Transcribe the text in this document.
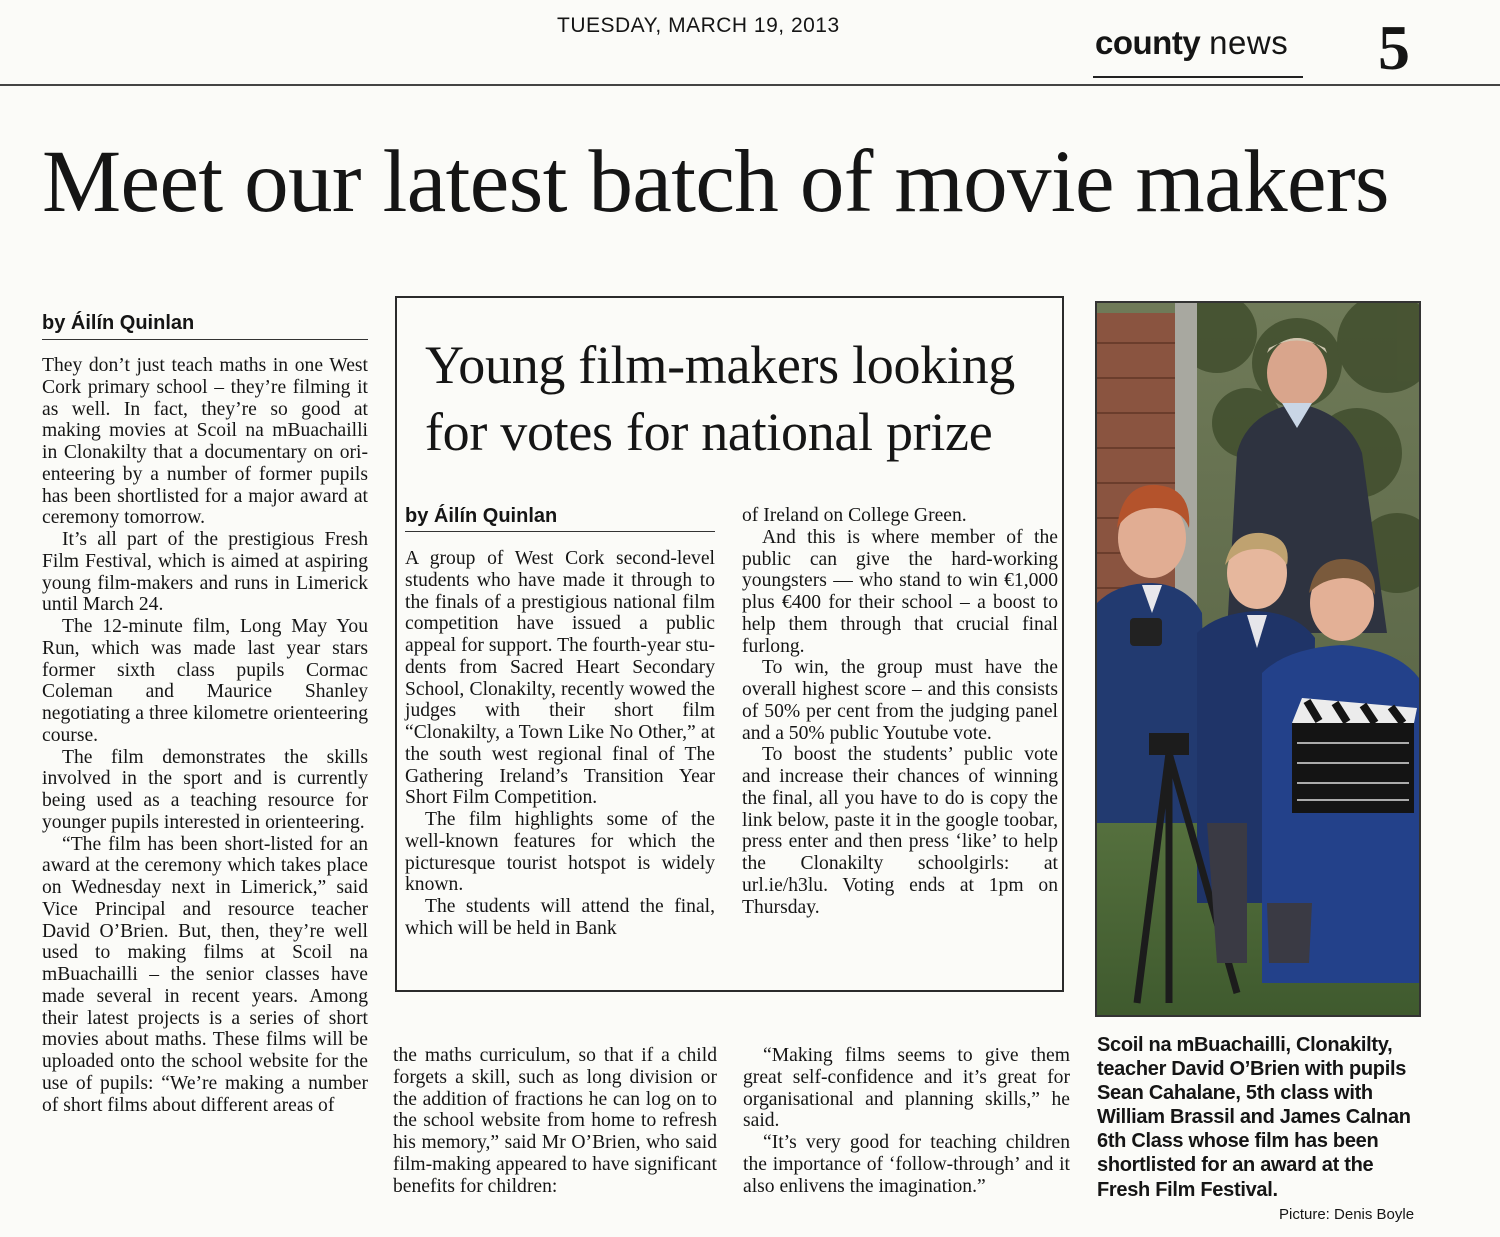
TUESDAY, MARCH 19, 2013	county news 5
Meet our latest batch of movie makers
by Áilín Quinlan

They don’t just teach maths in one West Cork primary school – they’re filming it as well. In fact, they’re so good at making movies at Scoil na mBuachailli in Clonakilty that a documentary on orienteering by a number of former pupils has been shortlisted for a major award at ceremony tomorrow.

It’s all part of the prestigious Fresh Film Festival, which is aimed at aspiring young film-makers and runs in Limerick until March 24.

The 12-minute film, Long May You Run, which was made last year stars former sixth class pupils Cormac Coleman and Maurice Shanley negotiating a three kilometre orienteering course.

The film demonstrates the skills involved in the sport and is currently being used as a teaching resource for younger pupils interested in orienteering.

“The film has been short-listed for an award at the ceremony which takes place on Wednesday next in Limerick,” said Vice Principal and resource teacher David O’Brien. But, then, they’re well used to making films at Scoil na mBuachailli – the senior classes have made several in recent years. Among their latest projects is a series of short movies about maths. These films will be uploaded onto the school website for the use of pupils: “We’re making a number of short films about different areas of

Young film-makers looking
for votes for national prize
by Áilín Quinlan

A group of West Cork second-level students who have made it through to the finals of a prestigious national film competition have issued a public appeal for support. The fourth-year students from Sacred Heart Secondary School, Clonakilty, recently wowed the judges with their short film “Clonakilty, a Town Like No Other,” at the south west regional final of The Gathering Ireland’s Transition Year Short Film Competition.

The film highlights some of the well-known features for which the picturesque tourist hotspot is widely known.

The students will attend the final, which will be held in Bank

of Ireland on College Green.

And this is where member of the public can give the hard-working youngsters — who stand to win €1,000 plus €400 for their school – a boost to help them through that crucial final furlong.

To win, the group must have the overall highest score – and this consists of 50% per cent from the judging panel and a 50% public Youtube vote.

To boost the students’ public vote and increase their chances of winning the final, all you have to do is copy the link below, paste it in the google toobar, press enter and then press ‘like’ to help the Clonakilty schoolgirls: at url.ie/h3lu. Voting ends at 1pm on Thursday.

the maths curriculum, so that if a child forgets a skill, such as long division or the addition of fractions he can log on to the school website from home to refresh his memory,” said Mr O’Brien, who said film-making appeared to have significant benefits for children:

“Making films seems to give them great self-confidence and it’s great for organisational and planning skills,” he said.

“It’s very good for teaching children the importance of ‘follow-through’ and it also enlivens the imagination.”

Scoil na mBuachailli, Clonakilty, teacher David O’Brien with pupils Sean Cahalane, 5th class with William Brassil and James Calnan 6th Class whose film has been shortlisted for an award at the Fresh Film Festival.
Picture: Denis Boyle
